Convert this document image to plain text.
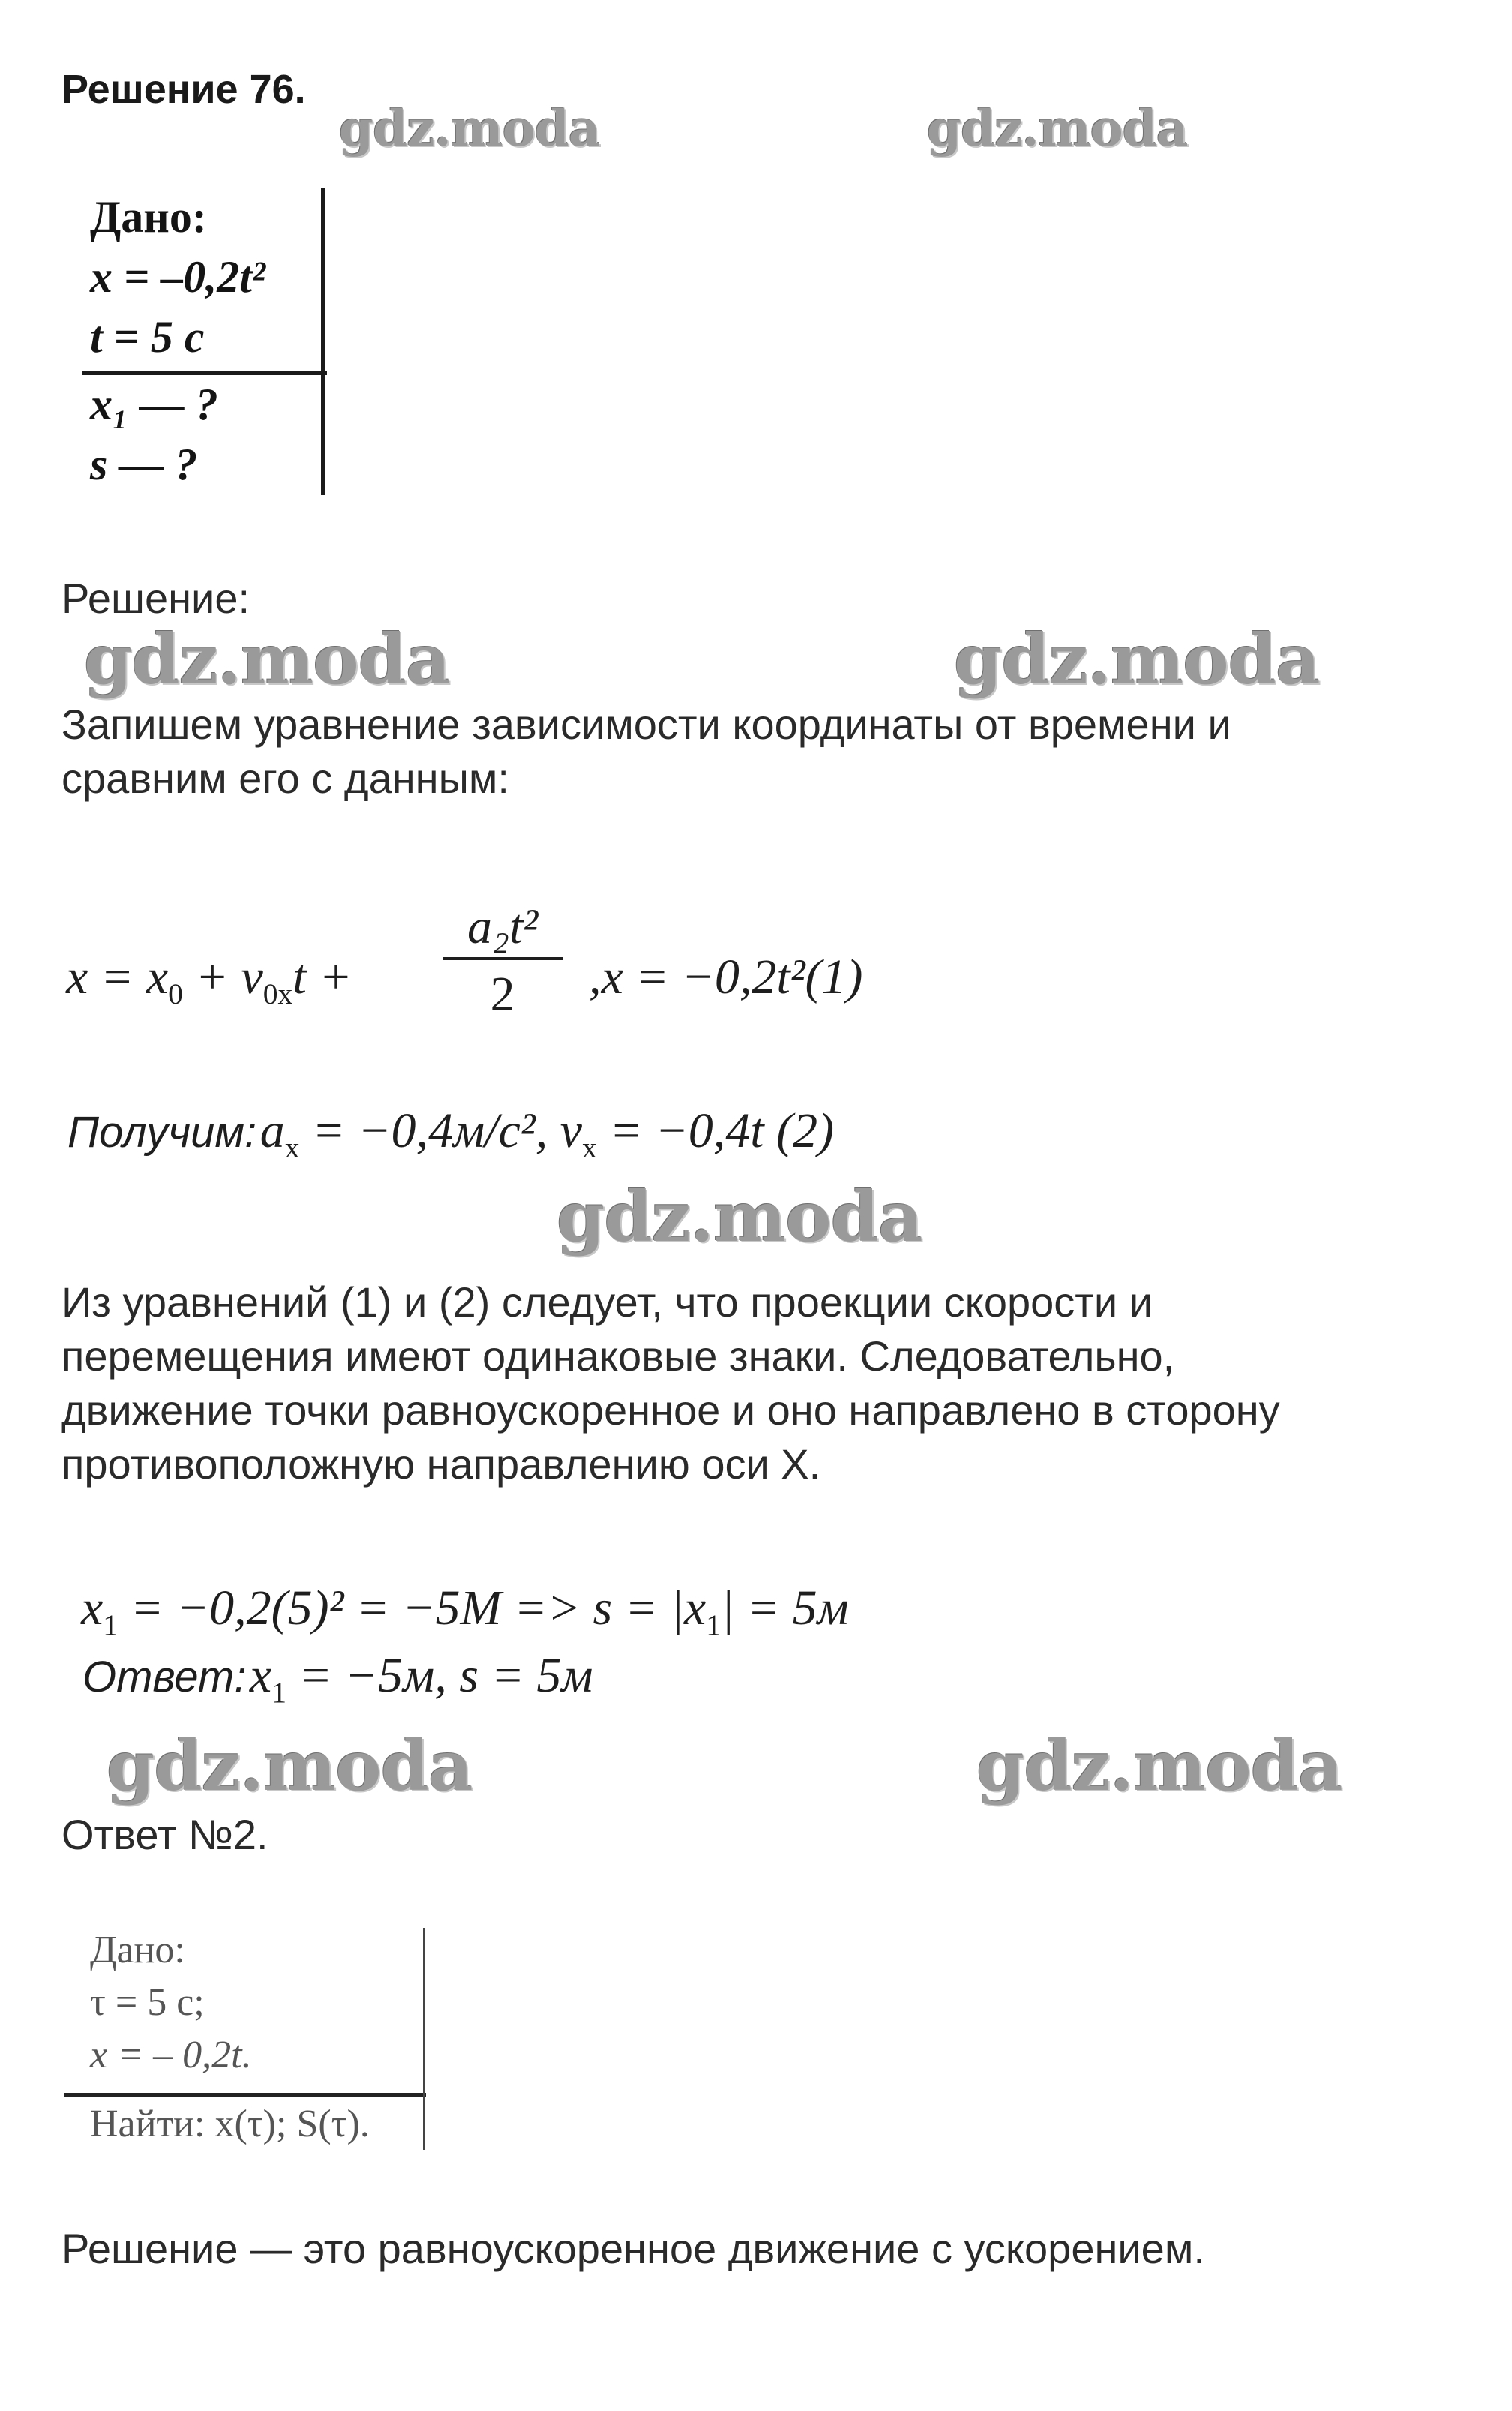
Решение 76.
gdz.moda	gdz.moda
Дано:
x = –0,2t²
t = 5 c
x₁ — ?
s — ?
Решение:
gdz.moda	gdz.moda
Запишем уравнение зависимости координаты от времени и
сравним его с данным:
$x = x_0 + v_{0x}t$ +
a₂t²
2	,x = −0,2t²(1)
Получим: $a_x = -0,4м/с^2$, $v_x = -0,4t$ (2)
gdz.moda
Из уравнений (1) и (2) следует, что проекции скорости и
перемещения имеют одинаковые знаки. Следовательно,
движение точки равноускоренное и оно направлено в сторону
противоположную направлению оси X.
$x_1 = -0,2(5)^2 = -5М => s = |x_1| = 5м$
Ответ: $x_1 = -5м$, s = 5м
gdz.moda	gdz.moda
Ответ №2.
Дано:
τ = 5 с;
x = – 0,2t.
Найти: x(τ); S(τ).
Решение — это равноускоренное движение с ускорением.
